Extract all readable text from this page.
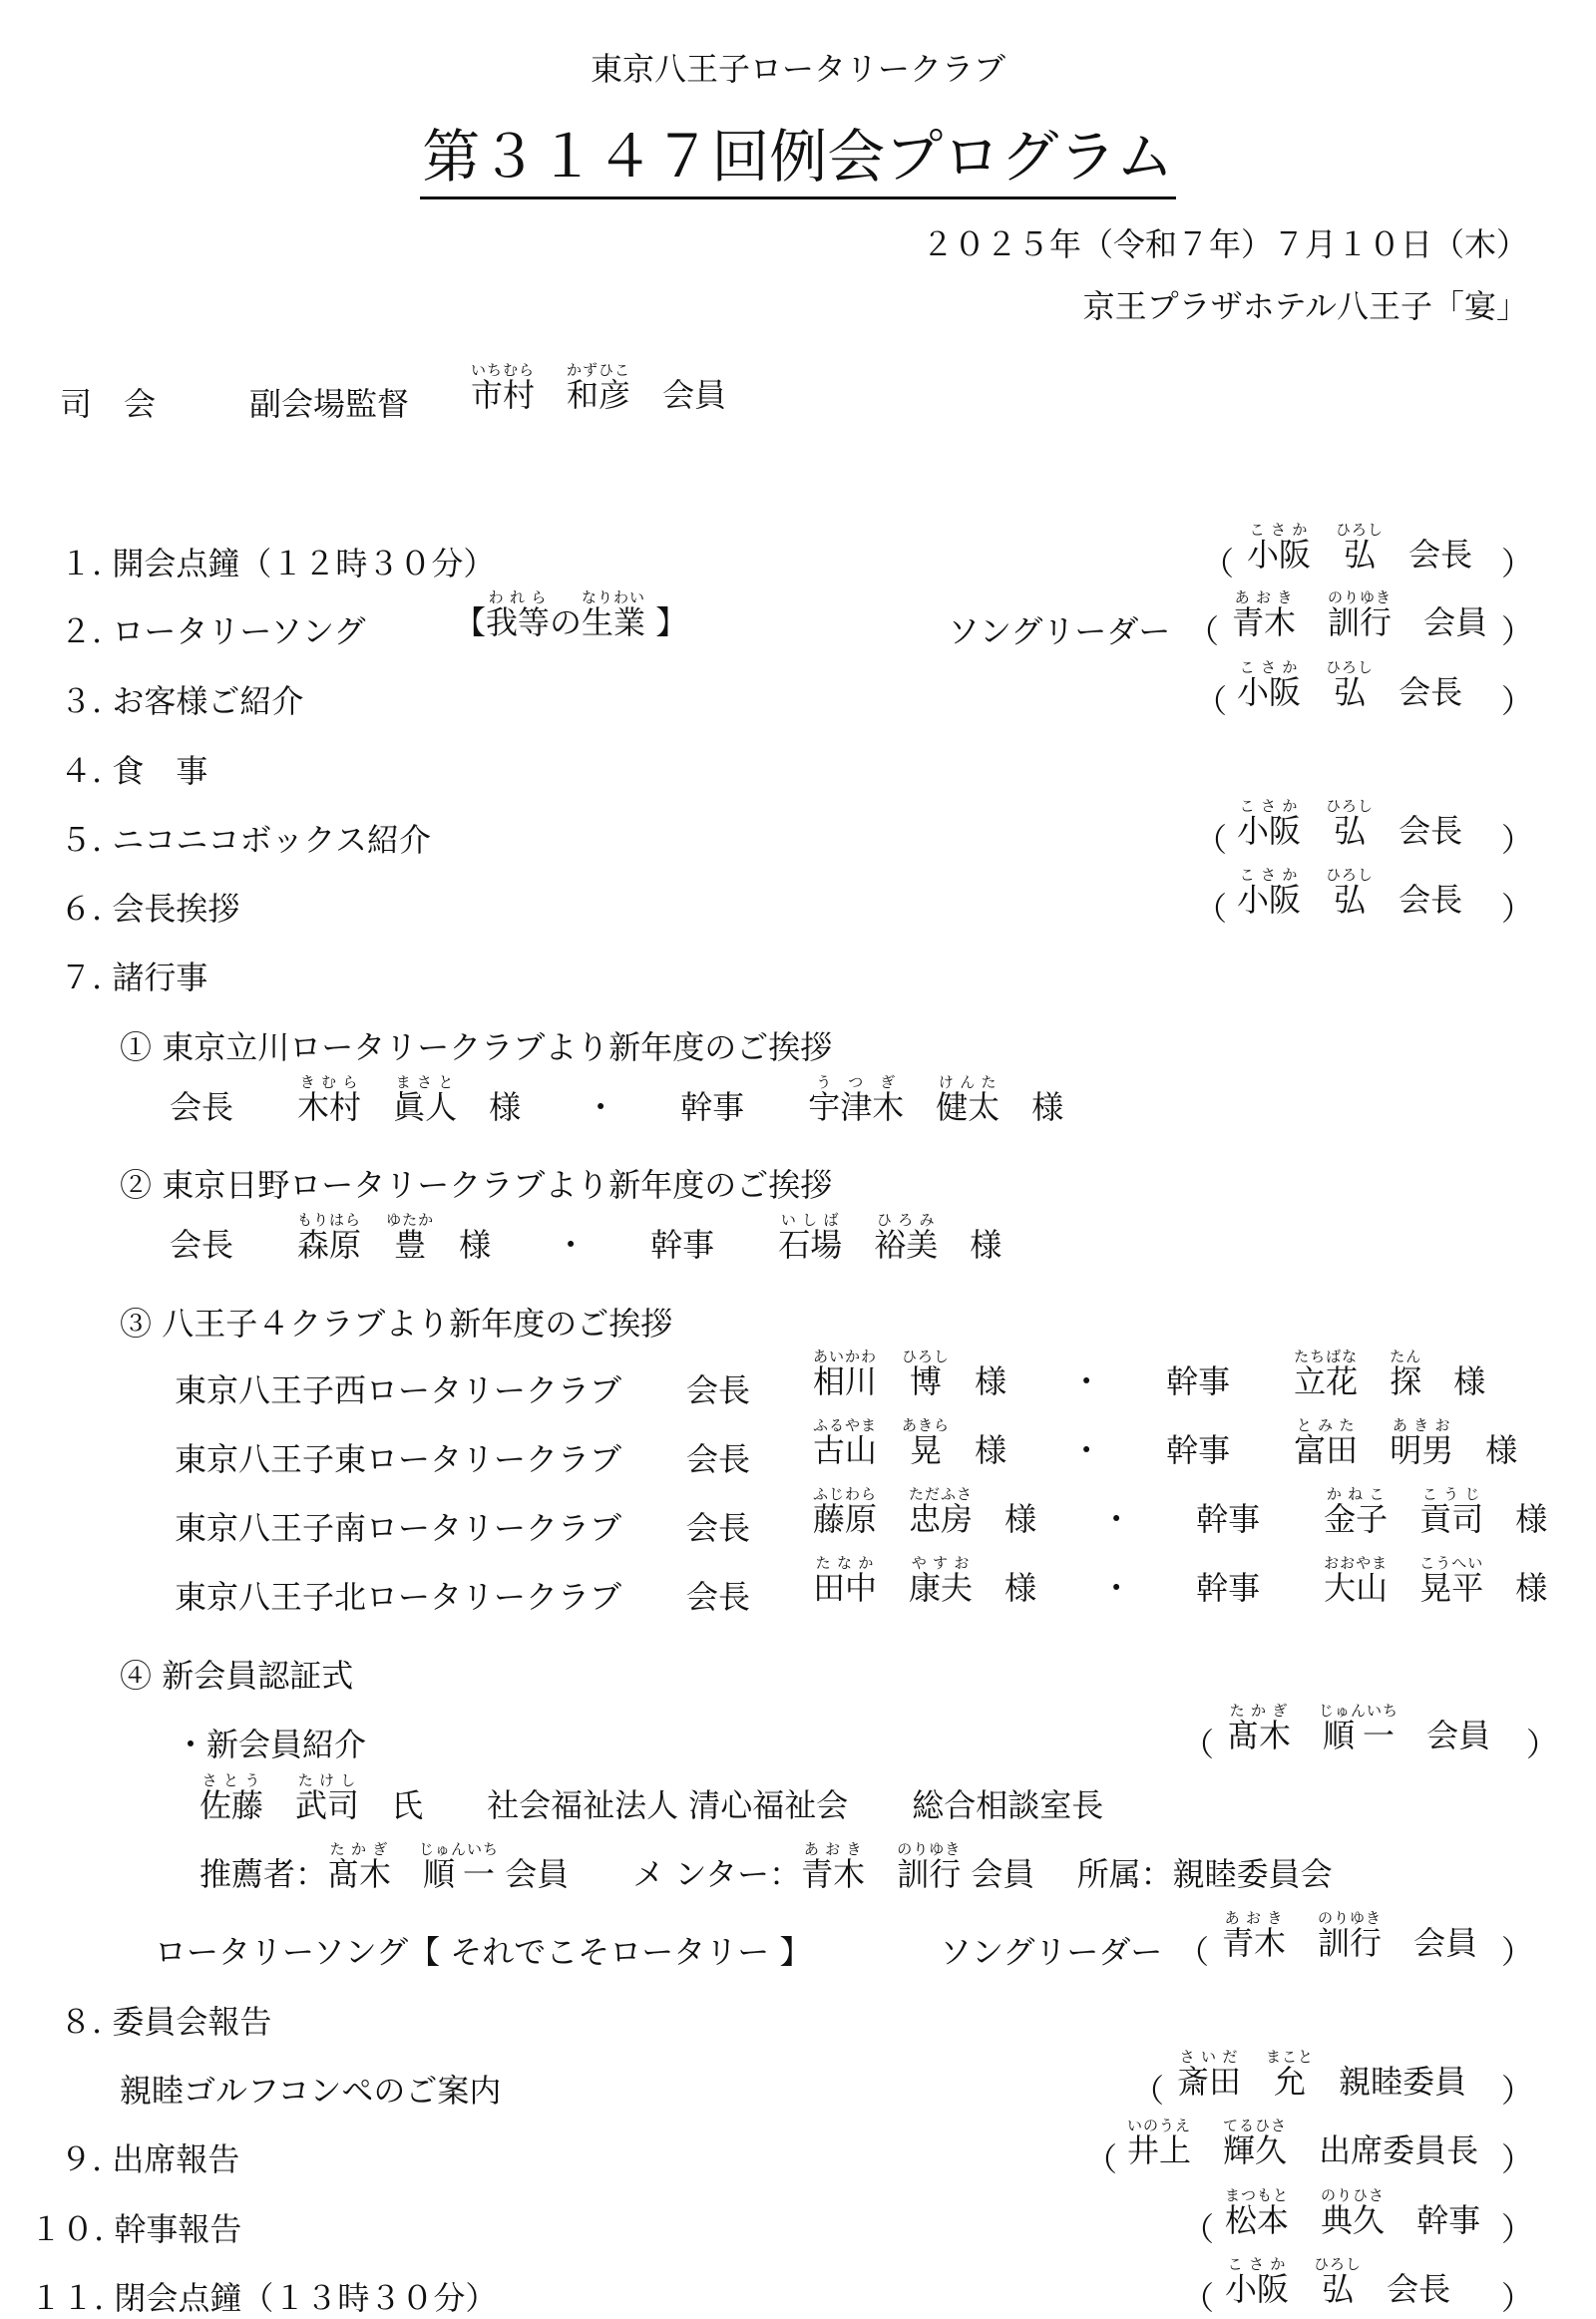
東京八王子ロータリークラブ
第３１４７回例会プログラム
２０２５年（令和７年）７月１０日（木）
京王プラザホテル八王子「宴」
司　会	副会場監督 市村いちむら　和彦かずひこ　会員
１. 開会点鐘（１２時３０分）	（ 小阪こさか　弘ひろし　会長 ）
２. ロータリーソング	【我等われらの生業なりわい 】	ソングリーダー （ 青木あおき　訓行のりゆき　会員 ）
３. お客様ご紹介	（ 小阪こさか　弘ひろし　会長 ）
４. 食　事
５. ニコニコボックス紹介	（ 小阪こさか　弘ひろし　会長 ）
６. 会長挨拶	（ 小阪こさか　弘ひろし　会長 ）
７. 諸行事
① 東京立川ロータリークラブより新年度のご挨拶
会長　　 木村きむら　眞人まさと　様　　 ・　　 幹事　　 宇津木うつぎ　健太けんた　様
② 東京日野ロータリークラブより新年度のご挨拶
会長　　 森原もりはら　豊ゆたか　様　　 ・　　 幹事　　 石場いしば　裕美ひろみ　様
③ 八王子４クラブより新年度のご挨拶
東京八王子西ロータリークラブ 会長 相川あいかわ　博ひろし　様　　 ・　　 幹事　　 立花たちばな　探たん　様
東京八王子東ロータリークラブ 会長 古山ふるやま　晃あきら　様　　 ・　　 幹事　　 富田とみた　明男あきお　様
東京八王子南ロータリークラブ 会長 藤原ふじわら　忠房ただふさ　様　　 ・　　 幹事　　 金子かねこ　貢司こうじ　様
東京八王子北ロータリークラブ 会長 田中たなか　康夫やすお　様　　 ・　　 幹事　　 大山おおやま　晃平こうへい　様
④ 新会員認証式
・新会員紹介	（ 髙木たかぎ　順一じゅんいち　会員 ）
佐藤さとう　武司たけし　氏　　 社会福祉法人 清心福祉会　　 総合相談室長
推薦者：髙木たかぎ　順一じゅんいち 会員　　 メ ンター：青木あおき　訓行のりゆき 会員　 所属：親睦委員会
ロータリーソング【 それでこそロータリー 】	ソングリーダー （ 青木あおき　訓行のりゆき　会員 ）
８. 委員会報告
親睦ゴルフコンペのご案内	（ 斎田さいだ　允まこと　親睦委員 ）
９. 出席報告	（ 井上いのうえ　輝久てるひさ　出席委員長 ）
１０. 幹事報告	（ 松本まつもと　典久のりひさ　幹事 ）
１１. 閉会点鐘（１３時３０分）	（ 小阪こさか　弘ひろし　会長 ）
